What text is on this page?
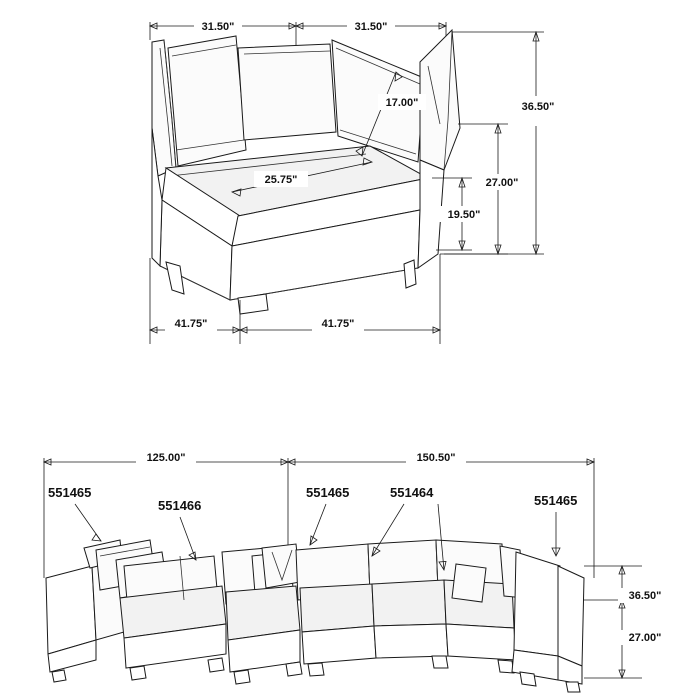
31.50"	31.50"
17.00"
25.75"
36.50"
27.00"
19.50"
41.75"	41.75"
125.00"	150.50"
36.50"
27.00"
551465
551466
551465	551464
551465
